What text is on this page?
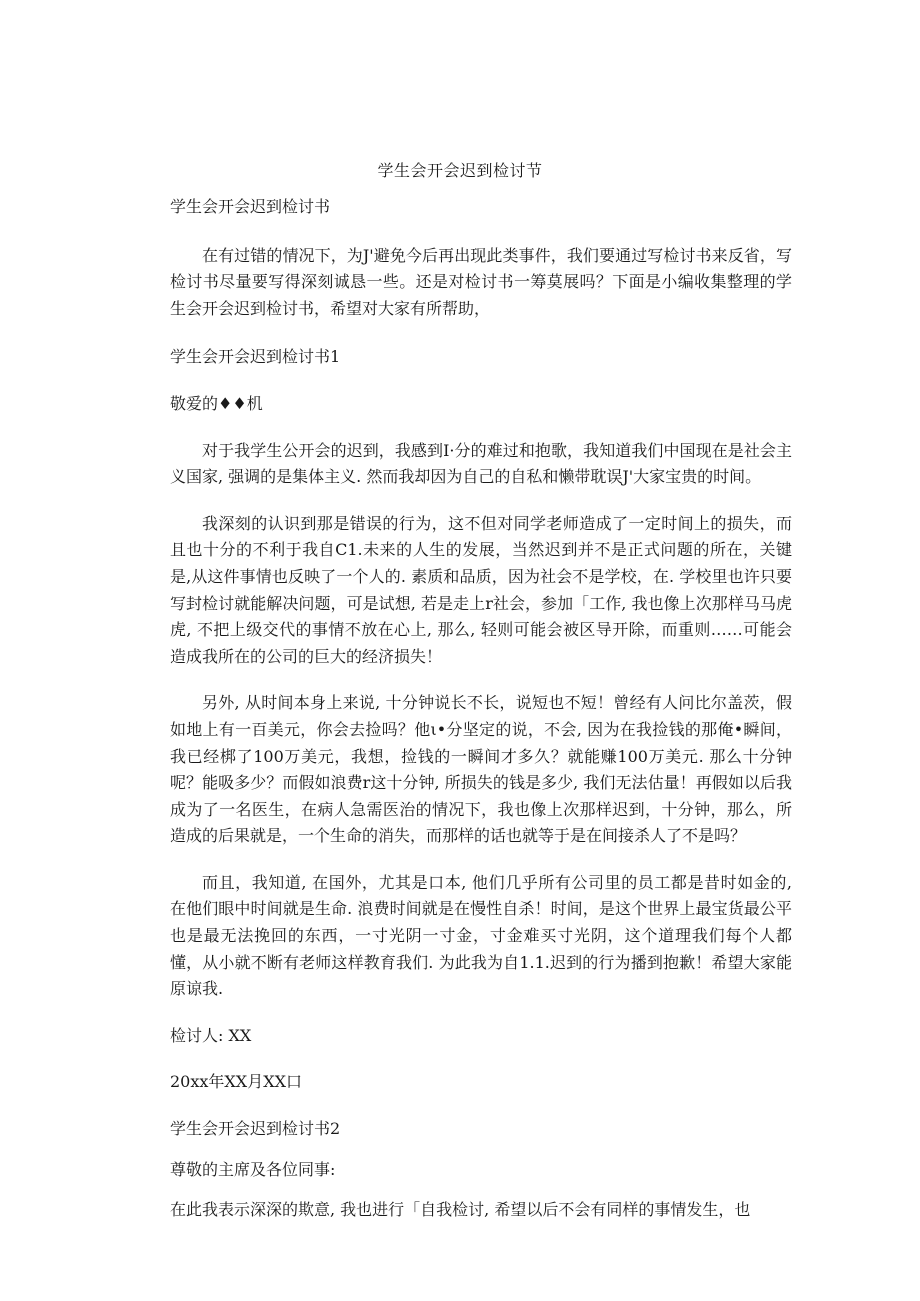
学生会开会迟到检讨节

学生会开会迟到检讨书

在有过错的情况下，为J'避免今后再出现此类事件，我们要通过写检讨书来反省，写检讨书尽量要写得深刻诚恳一些。还是对检讨书一筹莫展吗？下面是小编收集整理的学生会开会迟到检讨书，希望对大家有所帮助，

学生会开会迟到检讨书1

敬爱的♦♦机

对于我学生公开会的迟到，我感到I·分的难过和抱歌，我知道我们中国现在是社会主义国家, 强调的是集体主义. 然而我却因为自己的自私和懒带耽误J'大家宝贵的时间。

我深刻的认识到那是错误的行为，这不但对同学老师造成了一定时间上的损失，而且也十分的不利于我自C1.未来的人生的发展，当然迟到并不是正式问题的所在，关键是,从这件事情也反映了一个人的. 素质和品质，因为社会不是学校，在. 学校里也许只要写封检讨就能解决问题，可是试想, 若是走上r社会，参加「工作, 我也像上次那样马马虎虎, 不把上级交代的事情不放在心上, 那么, 轻则可能会被区导开除，而重则……可能会造成我所在的公司的巨大的经济损失！

另外, 从时间本身上来说, 十分钟说长不长，说短也不短！曾经有人问比尔盖茨，假如地上有一百美元，你会去捡吗？他ι•分坚定的说，不会, 因为在我捡钱的那俺•瞬间，我已经梆了100万美元，我想，捡钱的一瞬间才多久？就能赚100万美元. 那么十分钟呢？能吸多少？而假如浪费r这十分钟, 所损失的钱是多少, 我们无法估量！再假如以后我成为了一名医生，在病人急需医治的情况下，我也像上次那样迟到，十分钟，那么，所造成的后果就是，一个生命的消失，而那样的话也就等于是在间接杀人了不是吗？

而且，我知道, 在国外，尤其是口本, 他们几乎所有公司里的员工都是昔时如金的, 在他们眼中时间就是生命. 浪费时间就是在慢性自杀！时间，是这个世界上最宝货最公平也是最无法挽回的东西，一寸光阴一寸金，寸金难买寸光阴，这个道理我们每个人都懂，从小就不断有老师这样教育我们. 为此我为自1.1.迟到的行为播到抱歉！希望大家能原谅我.

检讨人: XX

20xx年XX月XX口

学生会开会迟到检讨书2

尊敬的主席及各位同事:

在此我表示深深的欺意, 我也进行「自我检讨, 希望以后不会有同样的事情发生，也
